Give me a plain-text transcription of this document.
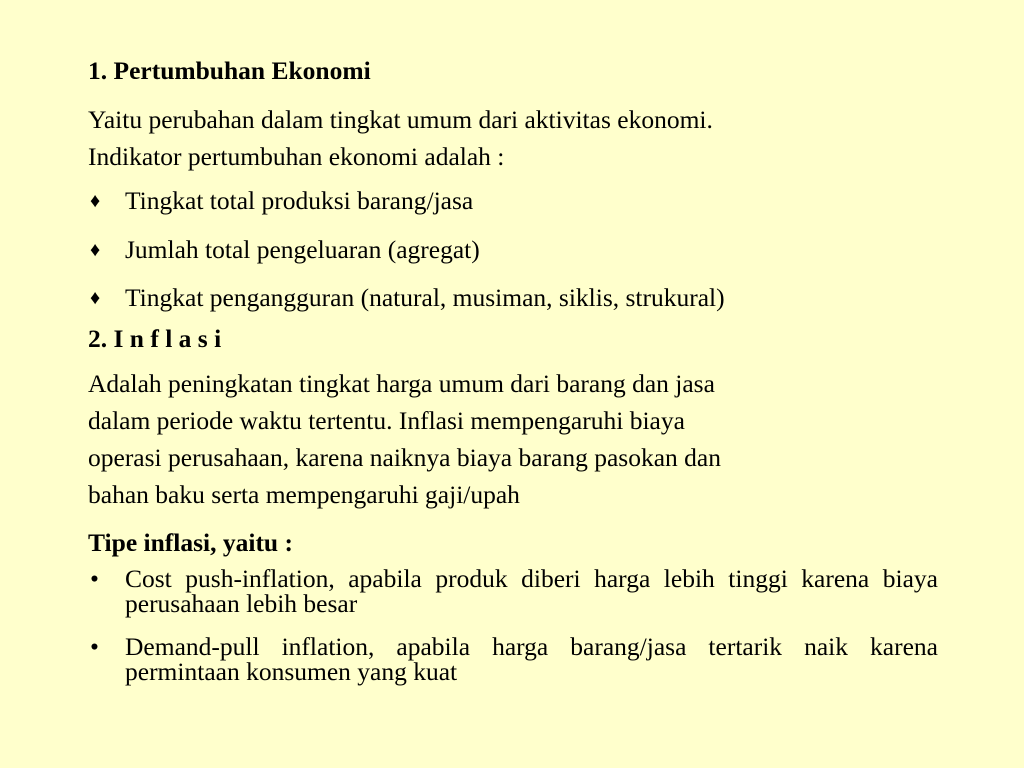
1. Pertumbuhan Ekonomi
Yaitu perubahan dalam tingkat umum dari aktivitas ekonomi.
Indikator pertumbuhan ekonomi adalah :
♦ Tingkat total produksi barang/jasa
♦ Jumlah total pengeluaran (agregat)
♦ Tingkat pengangguran (natural, musiman, siklis, strukural)
2. I n f l a s i
Adalah peningkatan tingkat harga umum dari barang dan jasa
dalam periode waktu tertentu. Inflasi mempengaruhi biaya
operasi perusahaan, karena naiknya biaya barang pasokan dan
bahan baku serta mempengaruhi gaji/upah
Tipe inflasi, yaitu :
• Cost push-inflation, apabila produk diberi harga lebih tinggi karena biaya perusahaan lebih besar
• Demand-pull inflation, apabila harga barang/jasa tertarik naik karena permintaan konsumen yang kuat
